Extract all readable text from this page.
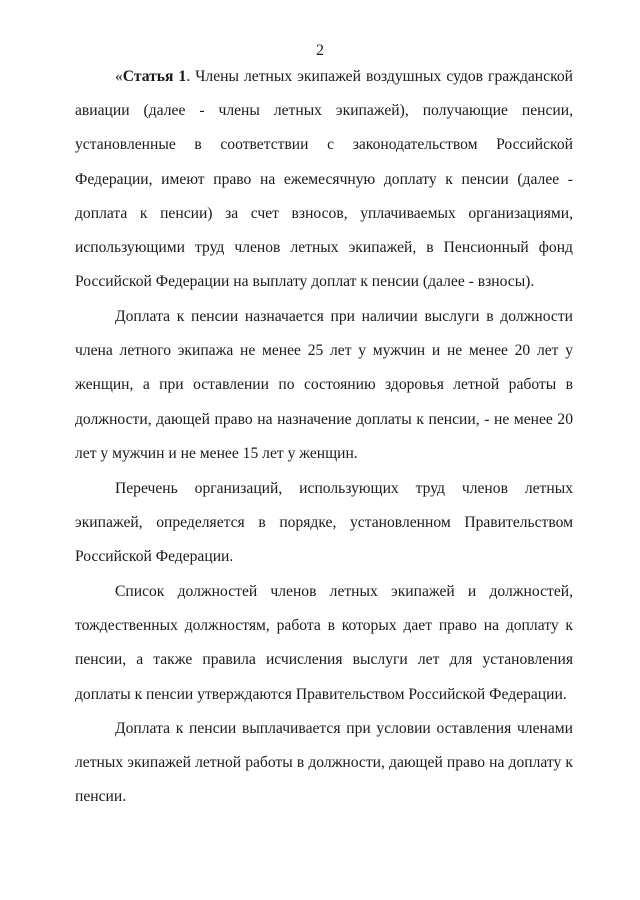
2

«Статья 1. Члены летных экипажей воздушных судов гражданской авиации (далее - члены летных экипажей), получающие пенсии, установленные в соответствии с законодательством Российской Федерации, имеют право на ежемесячную доплату к пенсии (далее - доплата к пенсии) за счет взносов, уплачиваемых организациями, использующими труд членов летных экипажей, в Пенсионный фонд Российской Федерации на выплату доплат к пенсии (далее - взносы).

Доплата к пенсии назначается при наличии выслуги в должности члена летного экипажа не менее 25 лет у мужчин и не менее 20 лет у женщин, а при оставлении по состоянию здоровья летной работы в должности, дающей право на назначение доплаты к пенсии, - не менее 20 лет у мужчин и не менее 15 лет у женщин.

Перечень организаций, использующих труд членов летных экипажей, определяется в порядке, установленном Правительством Российской Федерации.

Список должностей членов летных экипажей и должностей, тождественных должностям, работа в которых дает право на доплату к пенсии, а также правила исчисления выслуги лет для установления доплаты к пенсии утверждаются Правительством Российской Федерации.

Доплата к пенсии выплачивается при условии оставления членами летных экипажей летной работы в должности, дающей право на доплату к пенсии.
